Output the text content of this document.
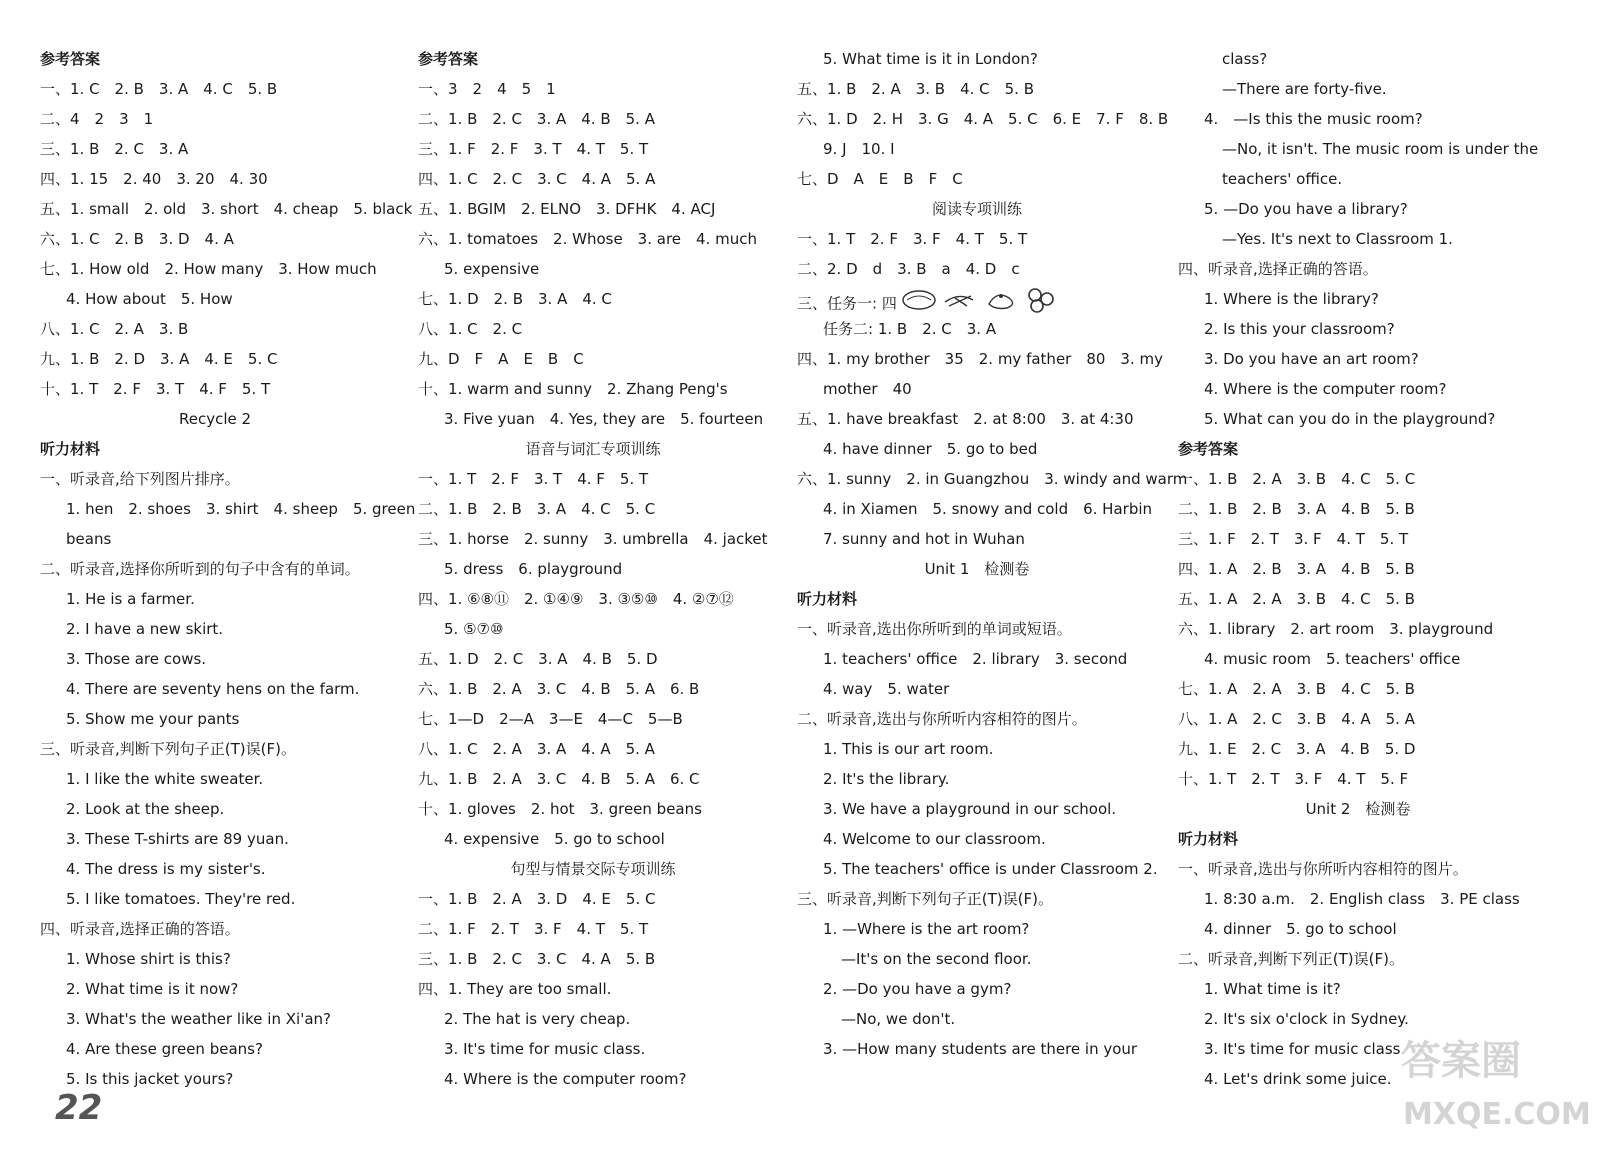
参考答案
一、1. C　2. B　3. A　4. C　5. B
二、4　2　3　1
三、1. B　2. C　3. A
四、1. 15　2. 40　3. 20　4. 30
五、1. small　2. old　3. short　4. cheap　5. black
六、1. C　2. B　3. D　4. A
七、1. How old　2. How many　3. How much
4. How about　5. How
八、1. C　2. A　3. B
九、1. B　2. D　3. A　4. E　5. C
十、1. T　2. F　3. T　4. F　5. T
Recycle 2
听力材料
一、听录音,给下列图片排序。
1. hen　2. shoes　3. shirt　4. sheep　5. green
beans
二、听录音,选择你所听到的句子中含有的单词。
1. He is a farmer.
2. I have a new skirt.
3. Those are cows.
4. There are seventy hens on the farm.
5. Show me your pants
三、听录音,判断下列句子正(T)误(F)。
1. I like the white sweater.
2. Look at the sheep.
3. These T-shirts are 89 yuan.
4. The dress is my sister's.
5. I like tomatoes. They're red.
四、听录音,选择正确的答语。
1. Whose shirt is this?
2. What time is it now?
3. What's the weather like in Xi'an?
4. Are these green beans?
5. Is this jacket yours?
参考答案
一、3　2　4　5　1
二、1. B　2. C　3. A　4. B　5. A
三、1. F　2. F　3. T　4. T　5. T
四、1. C　2. C　3. C　4. A　5. A
五、1. BGIM　2. ELNO　3. DFHK　4. ACJ
六、1. tomatoes　2. Whose　3. are　4. much
5. expensive
七、1. D　2. B　3. A　4. C
八、1. C　2. C
九、D　F　A　E　B　C
十、1. warm and sunny　2. Zhang Peng's
3. Five yuan　4. Yes, they are　5. fourteen
语音与词汇专项训练
一、1. T　2. F　3. T　4. F　5. T
二、1. B　2. B　3. A　4. C　5. C
三、1. horse　2. sunny　3. umbrella　4. jacket
5. dress　6. playground
四、1. ⑥⑧⑪　2. ①④⑨　3. ③⑤⑩　4. ②⑦⑫
5. ⑤⑦⑩
五、1. D　2. C　3. A　4. B　5. D
六、1. B　2. A　3. C　4. B　5. A　6. B
七、1—D　2—A　3—E　4—C　5—B
八、1. C　2. A　3. A　4. A　5. A
九、1. B　2. A　3. C　4. B　5. A　6. C
十、1. gloves　2. hot　3. green beans
4. expensive　5. go to school
句型与情景交际专项训练
一、1. B　2. A　3. D　4. E　5. C
二、1. F　2. T　3. F　4. T　5. T
三、1. B　2. C　3. C　4. A　5. B
四、1. They are too small.
2. The hat is very cheap.
3. It's time for music class.
4. Where is the computer room?
5. What time is it in London?
五、1. B　2. A　3. B　4. C　5. B
六、1. D　2. H　3. G　4. A　5. C　6. E　7. F　8. B
9. J　10. I
七、D　A　E　B　F　C
阅读专项训练
一、1. T　2. F　3. F　4. T　5. T
二、2. D　d　3. B　a　4. D　c
三、任务一: 四
任务二: 1. B　2. C　3. A
四、1. my brother　35　2. my father　80　3. my
mother　40
五、1. have breakfast　2. at 8:00　3. at 4:30
4. have dinner　5. go to bed
六、1. sunny　2. in Guangzhou　3. windy and warm
4. in Xiamen　5. snowy and cold　6. Harbin
7. sunny and hot in Wuhan
Unit 1　检测卷
听力材料
一、听录音,选出你所听到的单词或短语。
1. teachers' office　2. library　3. second
4. way　5. water
二、听录音,选出与你所听内容相符的图片。
1. This is our art room.
2. It's the library.
3. We have a playground in our school.
4. Welcome to our classroom.
5. The teachers' office is under Classroom 2.
三、听录音,判断下列句子正(T)误(F)。
1. —Where is the art room?
—It's on the second floor.
2. —Do you have a gym?
—No, we don't.
3. —How many students are there in your
class?
—There are forty-five.
4.　—Is this the music room?
—No, it isn't. The music room is under the
teachers' office.
5. —Do you have a library?
—Yes. It's next to Classroom 1.
四、听录音,选择正确的答语。
1. Where is the library?
2. Is this your classroom?
3. Do you have an art room?
4. Where is the computer room?
5. What can you do in the playground?
参考答案
一、1. B　2. A　3. B　4. C　5. C
二、1. B　2. B　3. A　4. B　5. B
三、1. F　2. T　3. F　4. T　5. T
四、1. A　2. B　3. A　4. B　5. B
五、1. A　2. A　3. B　4. C　5. B
六、1. library　2. art room　3. playground
4. music room　5. teachers' office
七、1. A　2. A　3. B　4. C　5. B
八、1. A　2. C　3. B　4. A　5. A
九、1. E　2. C　3. A　4. B　5. D
十、1. T　2. T　3. F　4. T　5. F
Unit 2　检测卷
听力材料
一、听录音,选出与你所听内容相符的图片。
1. 8:30 a.m.　2. English class　3. PE class
4. dinner　5. go to school
二、听录音,判断下列正(T)误(F)。
1. What time is it?
2. It's six o'clock in Sydney.
3. It's time for music class.
4. Let's drink some juice.
22
答案圈
MXQE.COM
